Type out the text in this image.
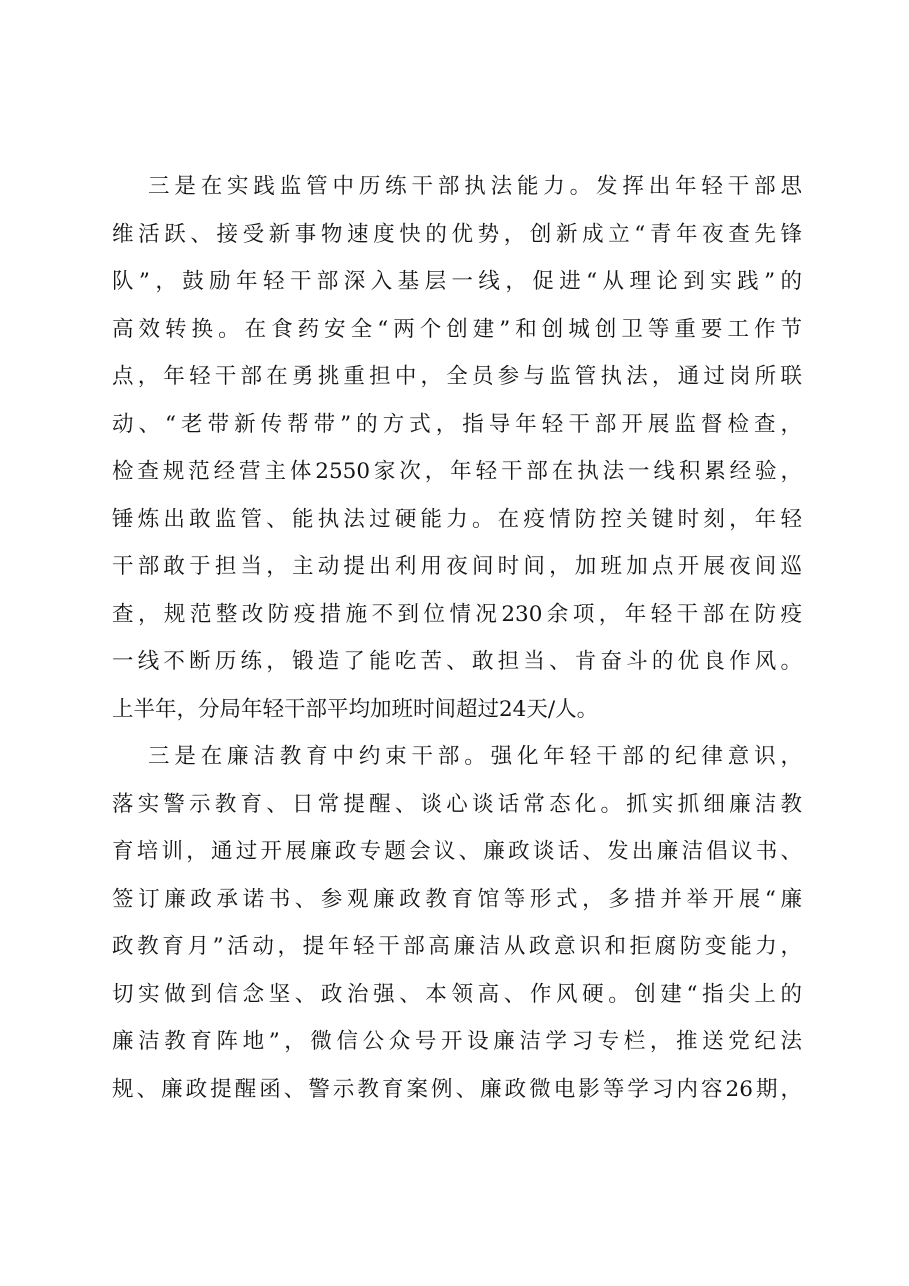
三是在实践监管中历练干部执法能力。发挥出年轻干部思
维活跃、接受新事物速度快的优势，创新成立“青年夜查先锋
队”，鼓励年轻干部深入基层一线，促进“从理论到实践”的
高效转换。在食药安全“两个创建”和创城创卫等重要工作节
点，年轻干部在勇挑重担中，全员参与监管执法，通过岗所联
动、“老带新传帮带”的方式，指导年轻干部开展监督检查，
检查规范经营主体2550家次，年轻干部在执法一线积累经验，
锤炼出敢监管、能执法过硬能力。在疫情防控关键时刻，年轻
干部敢于担当，主动提出利用夜间时间，加班加点开展夜间巡
查，规范整改防疫措施不到位情况230余项，年轻干部在防疫
一线不断历练，锻造了能吃苦、敢担当、肯奋斗的优良作风。
上半年，分局年轻干部平均加班时间超过24天/人。
三是在廉洁教育中约束干部。强化年轻干部的纪律意识，
落实警示教育、日常提醒、谈心谈话常态化。抓实抓细廉洁教
育培训，通过开展廉政专题会议、廉政谈话、发出廉洁倡议书、
签订廉政承诺书、参观廉政教育馆等形式，多措并举开展“廉
政教育月”活动，提年轻干部高廉洁从政意识和拒腐防变能力，
切实做到信念坚、政治强、本领高、作风硬。创建“指尖上的
廉洁教育阵地”，微信公众号开设廉洁学习专栏，推送党纪法
规、廉政提醒函、警示教育案例、廉政微电影等学习内容26期，
